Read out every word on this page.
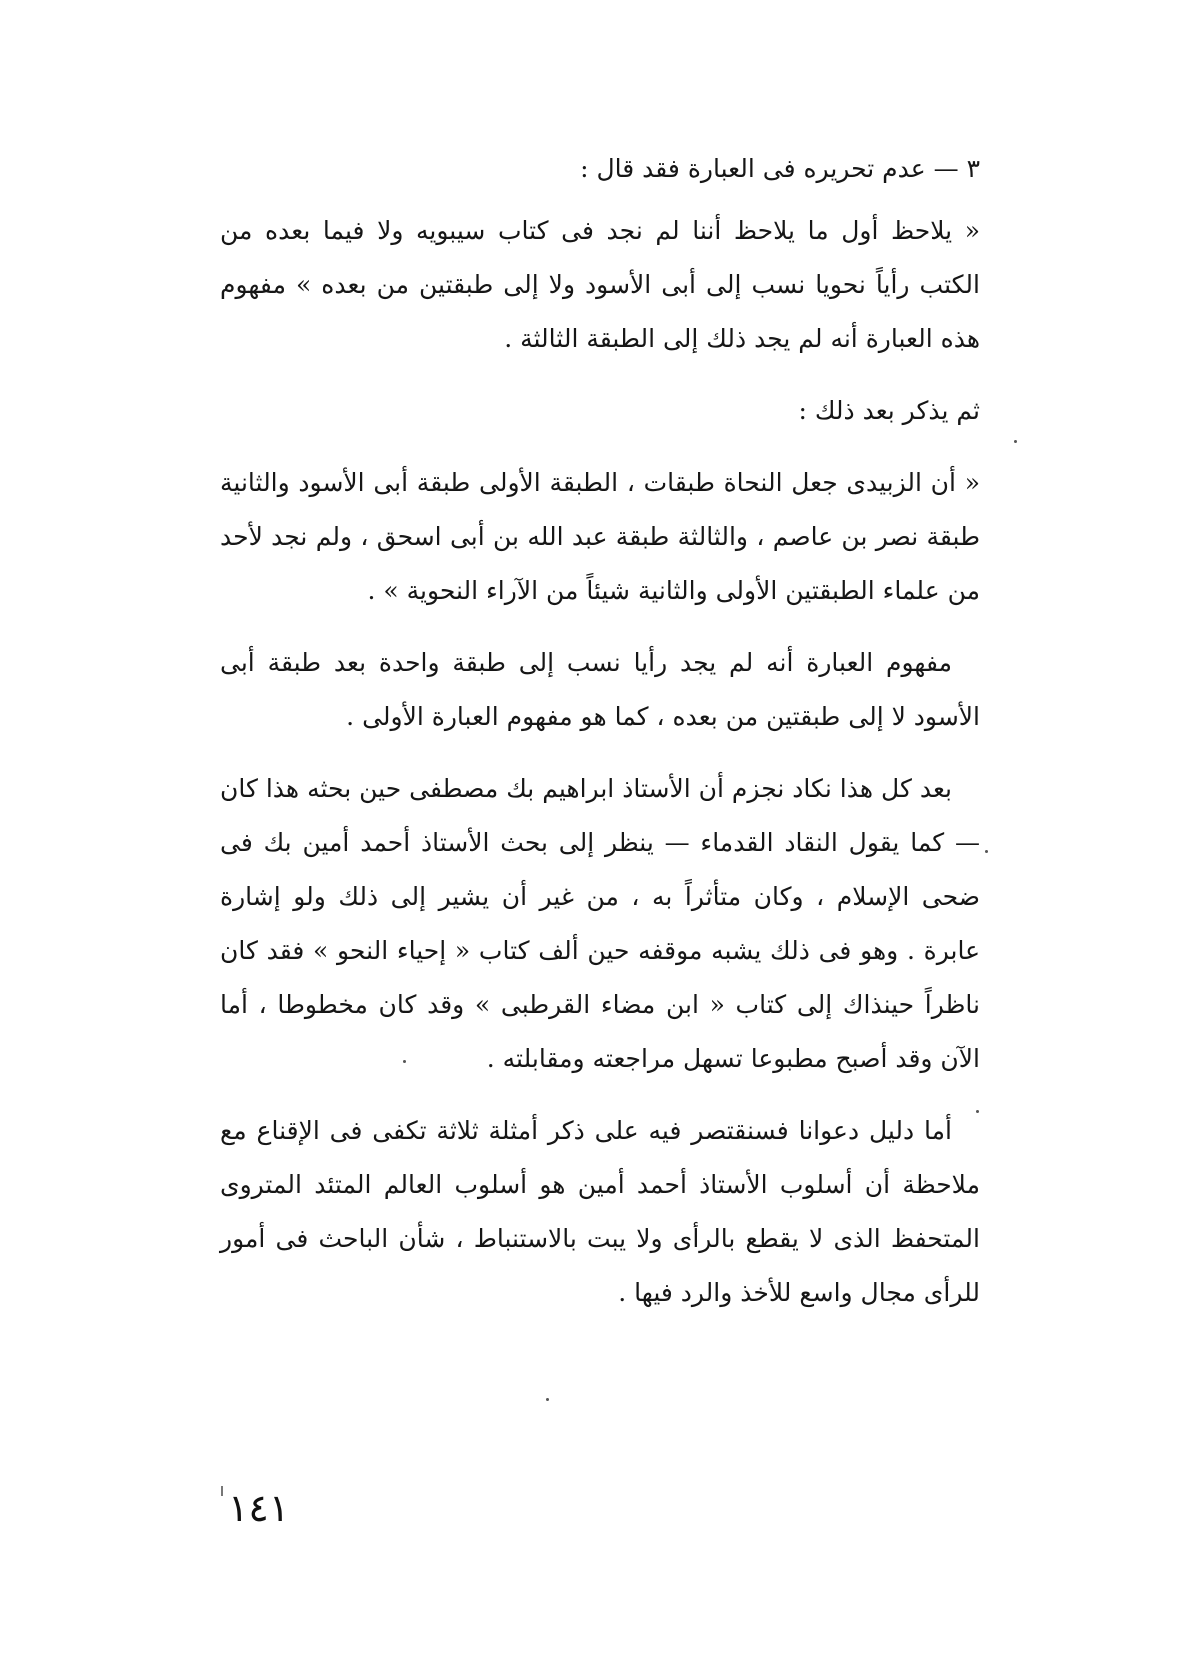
٣ — عدم تحريره فى العبارة فقد قال :

« يلاحظ أول ما يلاحظ أننا لم نجد فى كتاب سيبويه ولا فيما بعده من الكتب رأياً نحويا نسب إلى أبى الأسود ولا إلى طبقتين من بعده » مفهوم هذه العبارة أنه لم يجد ذلك إلى الطبقة الثالثة .

ثم يذكر بعد ذلك :

« أن الزبيدى جعل النحاة طبقات ، الطبقة الأولى طبقة أبى الأسود والثانية طبقة نصر بن عاصم ، والثالثة طبقة عبد الله بن أبى اسحق ، ولم نجد لأحد من علماء الطبقتين الأولى والثانية شيئاً من الآراء النحوية » .

مفهوم العبارة أنه لم يجد رأيا نسب إلى طبقة واحدة بعد طبقة أبى الأسود لا إلى طبقتين من بعده ، كما هو مفهوم العبارة الأولى .

بعد كل هذا نكاد نجزم أن الأستاذ ابراهيم بك مصطفى حين بحثه هذا كان — كما يقول النقاد القدماء — ينظر إلى بحث الأستاذ أحمد أمين بك فى ضحى الإسلام ، وكان متأثراً به ، من غير أن يشير إلى ذلك ولو إشارة عابرة . وهو فى ذلك يشبه موقفه حين ألف كتاب « إحياء النحو » فقد كان ناظراً حينذاك إلى كتاب « ابن مضاء القرطبى » وقد كان مخطوطا ، أما الآن وقد أصبح مطبوعا تسهل مراجعته ومقابلته .

أما دليل دعوانا فسنقتصر فيه على ذكر أمثلة ثلاثة تكفى فى الإقناع مع ملاحظة أن أسلوب الأستاذ أحمد أمين هو أسلوب العالم المتئد المتروى المتحفظ الذى لا يقطع بالرأى ولا يبت بالاستنباط ، شأن الباحث فى أمور للرأى مجال واسع للأخذ والرد فيها .

١٤١
